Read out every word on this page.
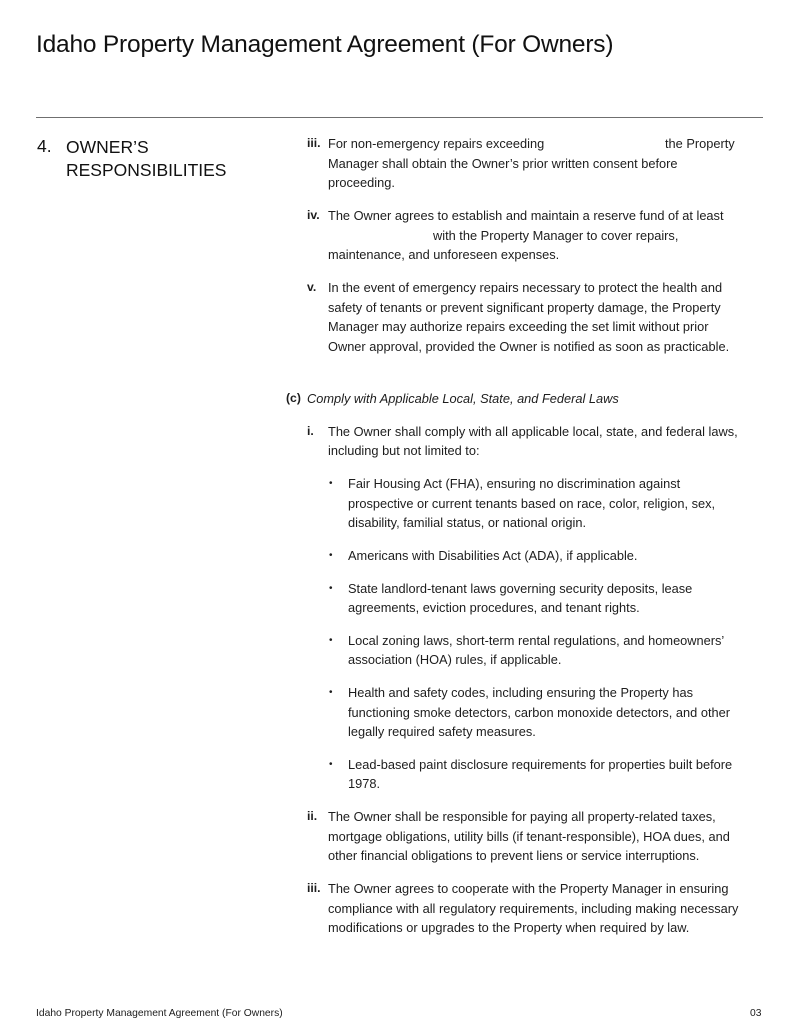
Idaho Property Management Agreement (For Owners)
4. OWNER’S
RESPONSIBILITIES
iii. For non-emergency repairs exceeding	the Property
Manager shall obtain the Owner’s prior written consent before
proceeding.
iv. The Owner agrees to establish and maintain a reserve fund of at least
with the Property Manager to cover repairs,
maintenance, and unforeseen expenses.
v. In the event of emergency repairs necessary to protect the health and
safety of tenants or prevent significant property damage, the Property
Manager may authorize repairs exceeding the set limit without prior
Owner approval, provided the Owner is notified as soon as practicable.
(c) Comply with Applicable Local, State, and Federal Laws
i. The Owner shall comply with all applicable local, state, and federal laws,
including but not limited to:
• Fair Housing Act (FHA), ensuring no discrimination against
prospective or current tenants based on race, color, religion, sex,
disability, familial status, or national origin.
• Americans with Disabilities Act (ADA), if applicable.
• State landlord-tenant laws governing security deposits, lease
agreements, eviction procedures, and tenant rights.
• Local zoning laws, short-term rental regulations, and homeowners’
association (HOA) rules, if applicable.
• Health and safety codes, including ensuring the Property has
functioning smoke detectors, carbon monoxide detectors, and other
legally required safety measures.
• Lead-based paint disclosure requirements for properties built before
1978.
ii. The Owner shall be responsible for paying all property-related taxes,
mortgage obligations, utility bills (if tenant-responsible), HOA dues, and
other financial obligations to prevent liens or service interruptions.
iii. The Owner agrees to cooperate with the Property Manager in ensuring
compliance with all regulatory requirements, including making necessary
modifications or upgrades to the Property when required by law.
Idaho Property Management Agreement (For Owners)	03
